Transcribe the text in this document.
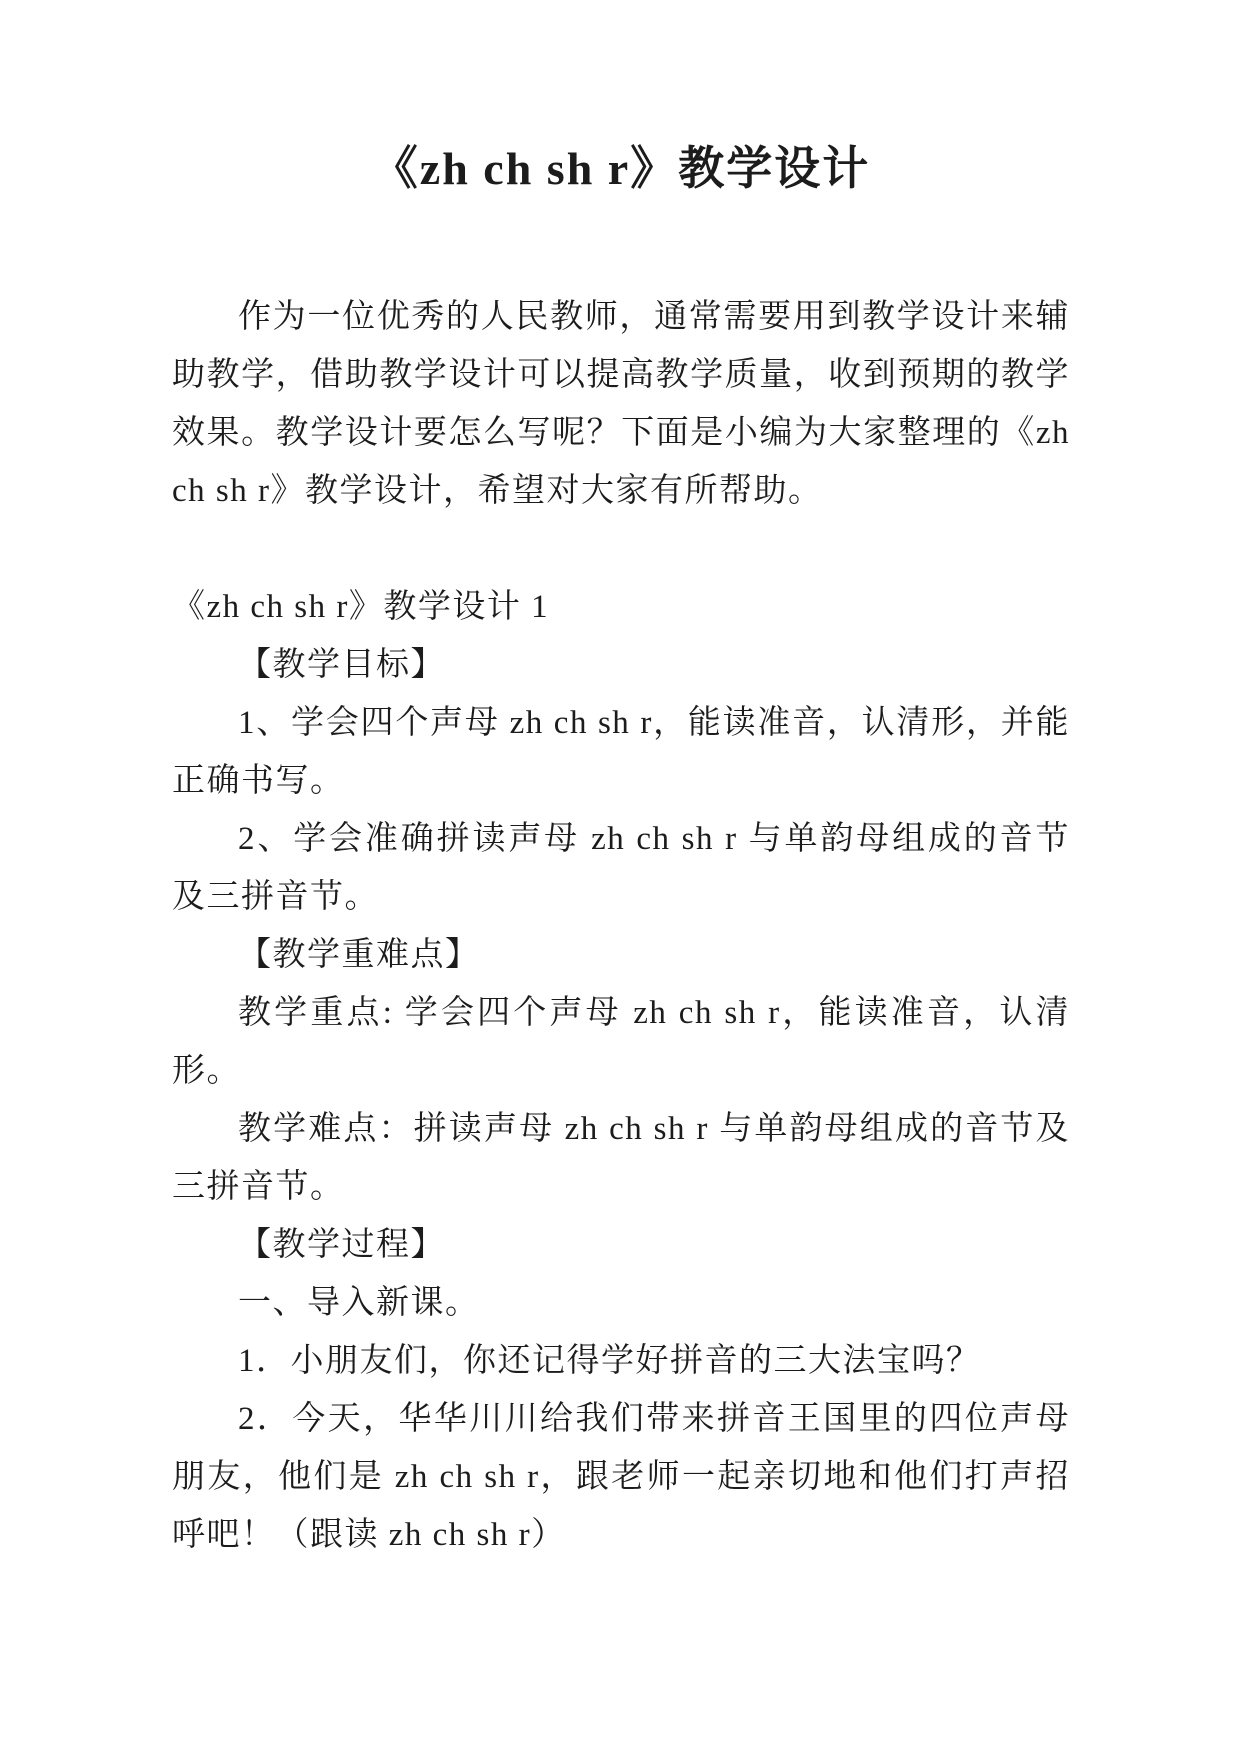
《zh ch sh r》教学设计

作为一位优秀的人民教师，通常需要用到教学设计来辅助教学，借助教学设计可以提高教学质量，收到预期的教学效果。教学设计要怎么写呢？下面是小编为大家整理的《zh ch sh r》教学设计，希望对大家有所帮助。

《zh ch sh r》教学设计 1

【教学目标】

1、学会四个声母 zh ch sh r，能读准音，认清形，并能正确书写。

2、学会准确拼读声母 zh ch sh r 与单韵母组成的音节及三拼音节。

【教学重难点】

教学重点: 学会四个声母 zh ch sh r，能读准音，认清形。

教学难点：拼读声母 zh ch sh r 与单韵母组成的音节及三拼音节。

【教学过程】

一、导入新课。

1．小朋友们，你还记得学好拼音的三大法宝吗？

2．今天，华华川川给我们带来拼音王国里的四位声母朋友，他们是 zh ch sh r，跟老师一起亲切地和他们打声招呼吧！（跟读 zh ch sh r）
